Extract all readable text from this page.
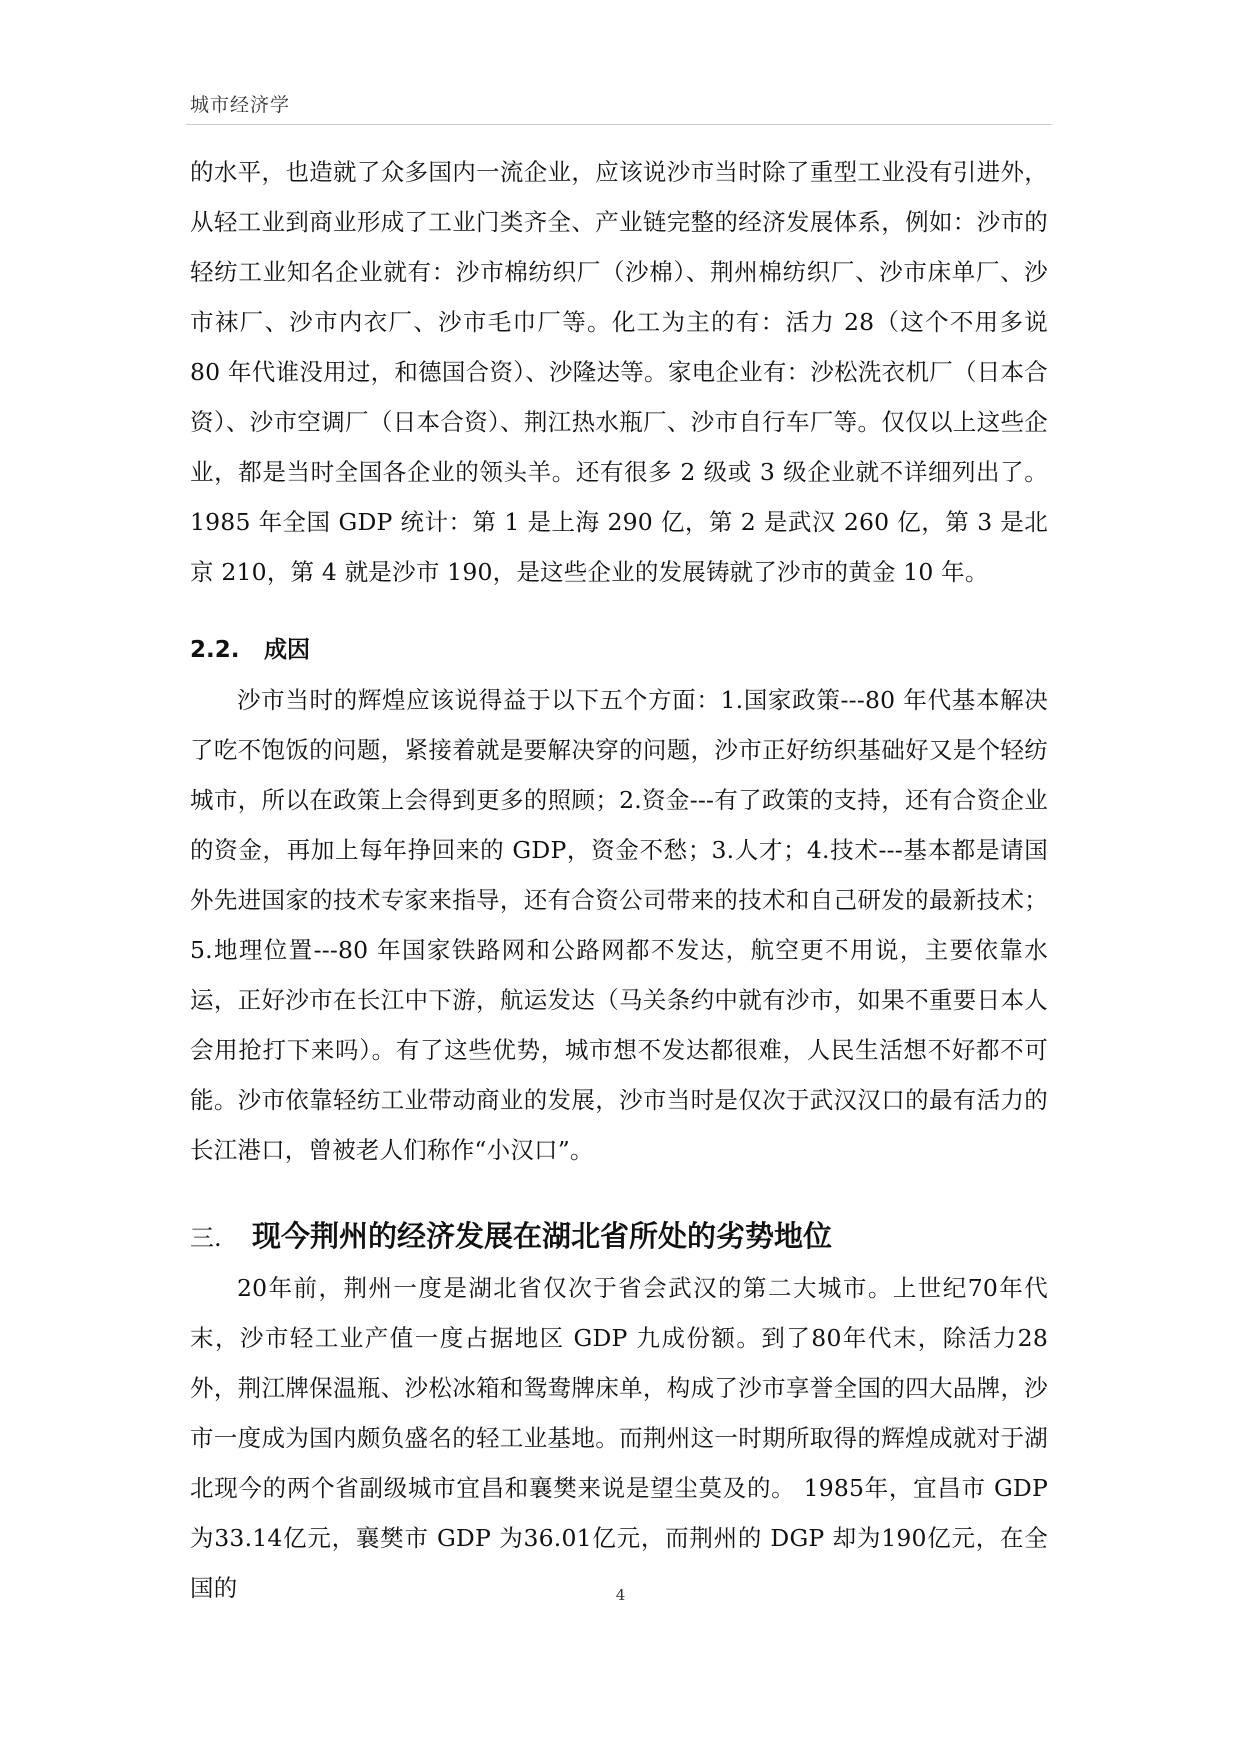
城市经济学

的水平，也造就了众多国内一流企业，应该说沙市当时除了重型工业没有引进外，从轻工业到商业形成了工业门类齐全、产业链完整的经济发展体系，例如：沙市的轻纺工业知名企业就有：沙市棉纺织厂（沙棉）、荆州棉纺织厂、沙市床单厂、沙市袜厂、沙市内衣厂、沙市毛巾厂等。化工为主的有：活力 28（这个不用多说 80 年代谁没用过，和德国合资）、沙隆达等。家电企业有：沙松洗衣机厂（日本合资）、沙市空调厂（日本合资）、荆江热水瓶厂、沙市自行车厂等。仅仅以上这些企业，都是当时全国各企业的领头羊。还有很多 2 级或 3 级企业就不详细列出了。1985 年全国 GDP 统计：第 1 是上海 290 亿，第 2 是武汉 260 亿，第 3 是北京 210，第 4 就是沙市 190，是这些企业的发展铸就了沙市的黄金 10 年。

2.2. 成因

沙市当时的辉煌应该说得益于以下五个方面：1.国家政策---80 年代基本解决了吃不饱饭的问题，紧接着就是要解决穿的问题，沙市正好纺织基础好又是个轻纺城市，所以在政策上会得到更多的照顾；2.资金---有了政策的支持，还有合资企业的资金，再加上每年挣回来的 GDP，资金不愁；3.人才；4.技术---基本都是请国外先进国家的技术专家来指导，还有合资公司带来的技术和自己研发的最新技术；5.地理位置---80 年国家铁路网和公路网都不发达，航空更不用说，主要依靠水运，正好沙市在长江中下游，航运发达（马关条约中就有沙市，如果不重要日本人会用抢打下来吗）。有了这些优势，城市想不发达都很难，人民生活想不好都不可能。沙市依靠轻纺工业带动商业的发展，沙市当时是仅次于武汉汉口的最有活力的长江港口，曾被老人们称作“小汉口”。

三. 现今荆州的经济发展在湖北省所处的劣势地位

20年前，荆州一度是湖北省仅次于省会武汉的第二大城市。上世纪70年代末，沙市轻工业产值一度占据地区 GDP 九成份额。到了80年代末，除活力28外，荆江牌保温瓶、沙松冰箱和鸳鸯牌床单，构成了沙市享誉全国的四大品牌，沙市一度成为国内颇负盛名的轻工业基地。而荆州这一时期所取得的辉煌成就对于湖北现今的两个省副级城市宜昌和襄樊来说是望尘莫及的。 1985年，宜昌市 GDP 为33.14亿元，襄樊市 GDP 为36.01亿元，而荆州的 DGP 却为190亿元，在全国的	4
